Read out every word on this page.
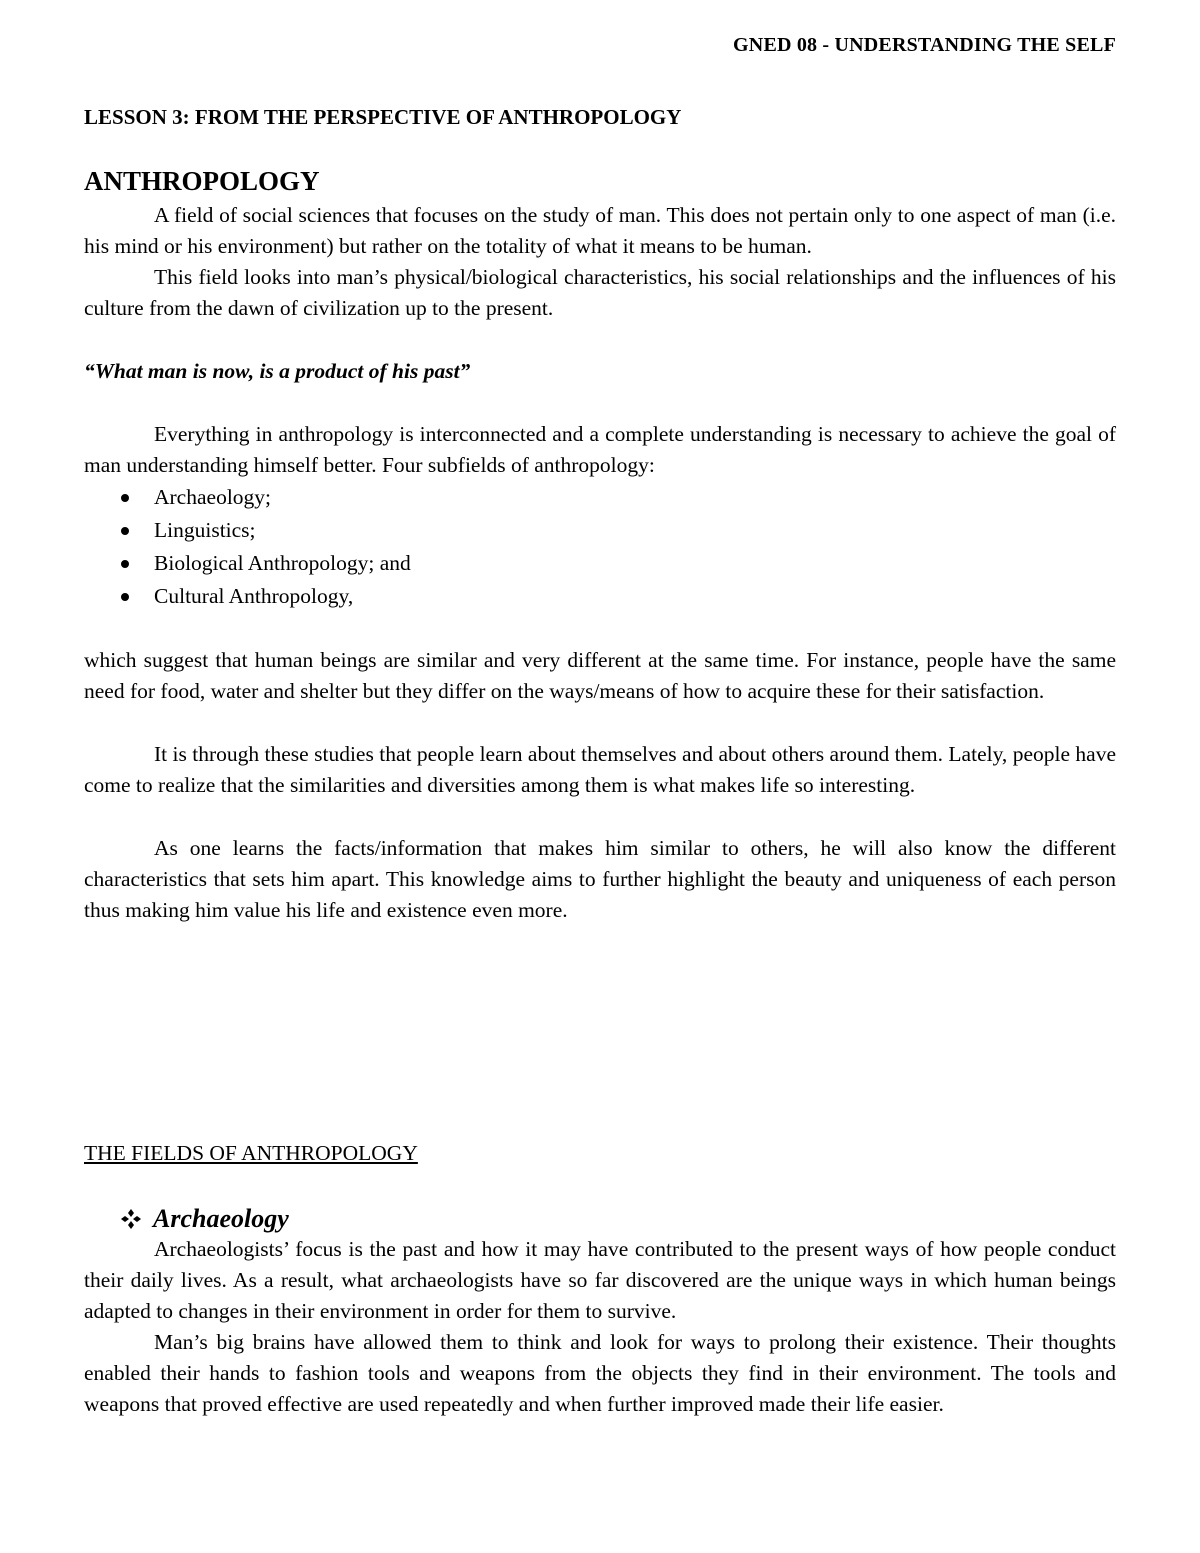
GNED 08 - UNDERSTANDING THE SELF
LESSON 3: FROM THE PERSPECTIVE OF ANTHROPOLOGY
ANTHROPOLOGY

A field of social sciences that focuses on the study of man. This does not pertain only to one aspect of man (i.e. his mind or his environment) but rather on the totality of what it means to be human.

This field looks into man’s physical/biological characteristics, his social relationships and the influences of his culture from the dawn of civilization up to the present.

“What man is now, is a product of his past”

Everything in anthropology is interconnected and a complete understanding is necessary to achieve the goal of man understanding himself better. Four subfields of anthropology:

Archaeology;
Linguistics;
Biological Anthropology; and
Cultural Anthropology,

which suggest that human beings are similar and very different at the same time. For instance, people have the same need for food, water and shelter but they differ on the ways/means of how to acquire these for their satisfaction.

It is through these studies that people learn about themselves and about others around them. Lately, people have come to realize that the similarities and diversities among them is what makes life so interesting.

As one learns the facts/information that makes him similar to others, he will also know the different characteristics that sets him apart. This knowledge aims to further highlight the beauty and uniqueness of each person thus making him value his life and existence even more.

THE FIELDS OF ANTHROPOLOGY

Archaeology

Archaeologists’ focus is the past and how it may have contributed to the present ways of how people conduct their daily lives. As a result, what archaeologists have so far discovered are the unique ways in which human beings adapted to changes in their environment in order for them to survive.

Man’s big brains have allowed them to think and look for ways to prolong their existence. Their thoughts enabled their hands to fashion tools and weapons from the objects they find in their environment. The tools and weapons that proved effective are used repeatedly and when further improved made their life easier.
